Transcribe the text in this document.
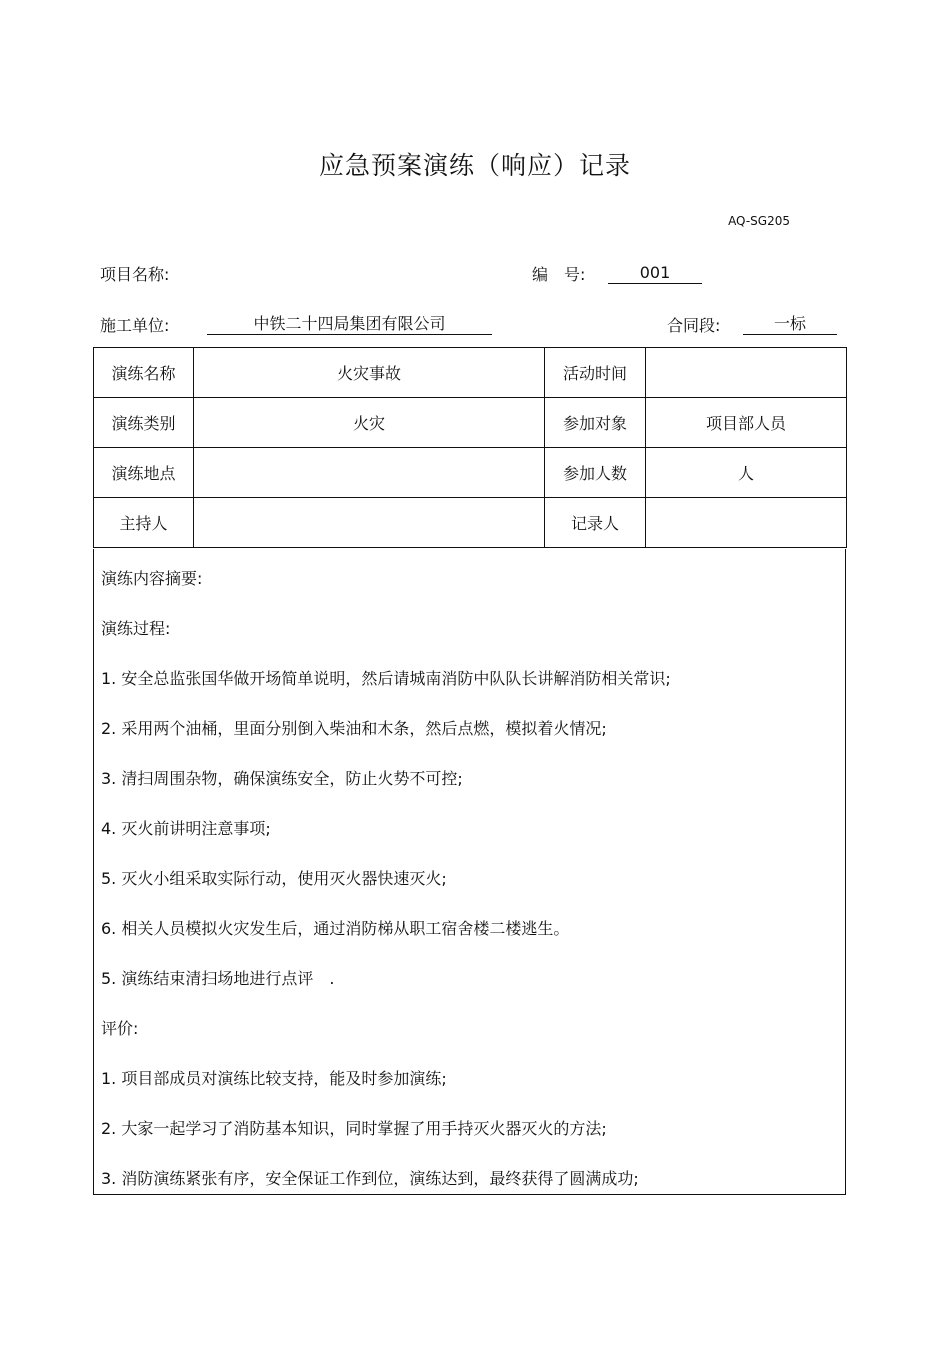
应急预案演练（响应）记录
AQ-SG205
项目名称:	编　号:	001
施工单位:	中铁二十四局集团有限公司	合同段:	一标
演练名称	火灾事故	活动时间	
演练类别	火灾	参加对象	项目部人员
演练地点		参加人数	人
主持人		记录人	
演练内容摘要:
演练过程:
1. 安全总监张国华做开场简单说明，然后请城南消防中队队长讲解消防相关常识;
2. 采用两个油桶，里面分别倒入柴油和木条，然后点燃，模拟着火情况;
3. 清扫周围杂物，确保演练安全，防止火势不可控;
4. 灭火前讲明注意事项;
5. 灭火小组采取实际行动，使用灭火器快速灭火;
6. 相关人员模拟火灾发生后，通过消防梯从职工宿舍楼二楼逃生。
5. 演练结束清扫场地进行点评　.
评价:
1. 项目部成员对演练比较支持，能及时参加演练;
2. 大家一起学习了消防基本知识，同时掌握了用手持灭火器灭火的方法;
3. 消防演练紧张有序，安全保证工作到位，演练达到，最终获得了圆满成功;
